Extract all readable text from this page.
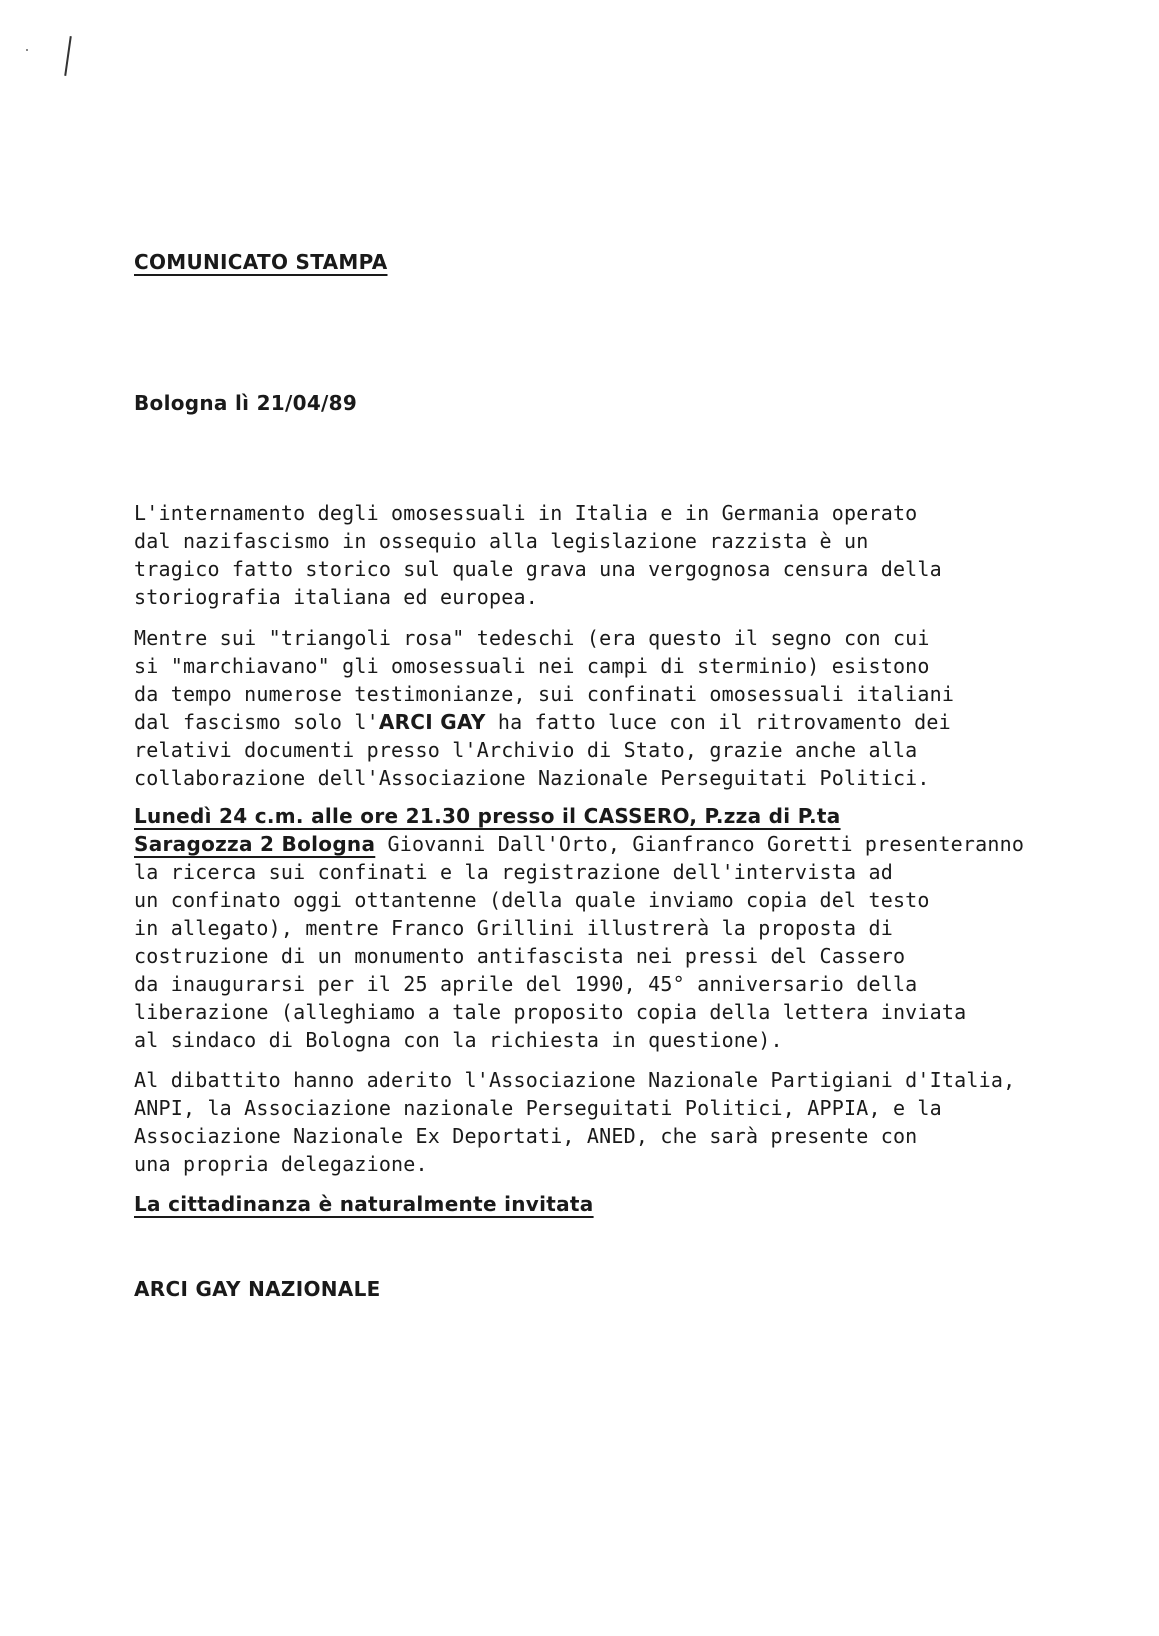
COMUNICATO STAMPA
Bologna lì 21/04/89
L'internamento degli omosessuali in Italia e in Germania operato
dal nazifascismo in ossequio alla legislazione razzista è un
tragico fatto storico sul quale grava una vergognosa censura della
storiografia italiana ed europea.
Mentre sui "triangoli rosa" tedeschi (era questo il segno con cui
si "marchiavano" gli omosessuali nei campi di sterminio) esistono
da tempo numerose testimonianze, sui confinati omosessuali italiani
dal fascismo solo l'ARCI GAY ha fatto luce con il ritrovamento dei
relativi documenti presso l'Archivio di Stato, grazie anche alla
collaborazione dell'Associazione Nazionale Perseguitati Politici.
Lunedì 24 c.m. alle ore 21.30 presso il CASSERO, P.zza di P.ta
Saragozza 2 Bologna Giovanni Dall'Orto, Gianfranco Goretti presenteranno
la ricerca sui confinati e la registrazione dell'intervista ad
un confinato oggi ottantenne (della quale inviamo copia del testo
in allegato), mentre Franco Grillini illustrerà la proposta di
costruzione di un monumento antifascista nei pressi del Cassero
da inaugurarsi per il 25 aprile del 1990, 45° anniversario della
liberazione (alleghiamo a tale proposito copia della lettera inviata
al sindaco di Bologna con la richiesta in questione).
Al dibattito hanno aderito l'Associazione Nazionale Partigiani d'Italia,
ANPI, la Associazione nazionale Perseguitati Politici, APPIA, e la
Associazione Nazionale Ex Deportati, ANED, che sarà presente con
una propria delegazione.
La cittadinanza è naturalmente invitata
ARCI GAY NAZIONALE
